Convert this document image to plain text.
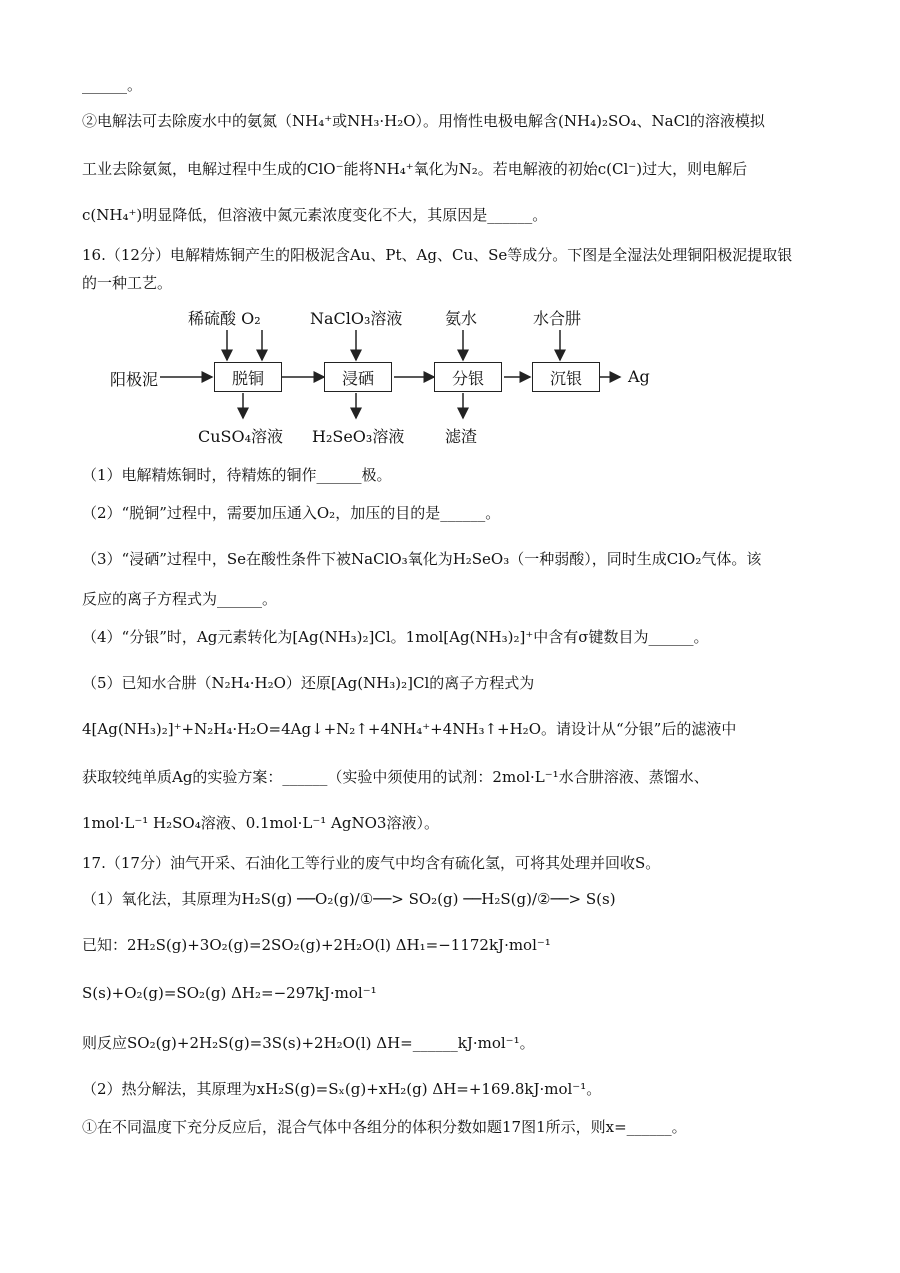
______。
②电解法可去除废水中的氨氮（NH₄⁺或NH₃·H₂O）。用惰性电极电解含(NH₄)₂SO₄、NaCl的溶液模拟
工业去除氨氮，电解过程中生成的ClO⁻能将NH₄⁺氧化为N₂。若电解液的初始c(Cl⁻)过大，则电解后
c(NH₄⁺)明显降低，但溶液中氮元素浓度变化不大，其原因是______。
16.（12分）电解精炼铜产生的阳极泥含Au、Pt、Ag、Cu、Se等成分。下图是全湿法处理铜阳极泥提取银
的一种工艺。
阳极泥	脱铜	浸硒	分银	沉银	Ag
稀硫酸 O₂	NaClO₃溶液	氨水	水合肼
CuSO₄溶液 H₂SeO₃溶液	滤渣
（1）电解精炼铜时，待精炼的铜作______极。
（2）“脱铜”过程中，需要加压通入O₂，加压的目的是______。
（3）“浸硒”过程中，Se在酸性条件下被NaClO₃氧化为H₂SeO₃（一种弱酸），同时生成ClO₂气体。该
反应的离子方程式为______。
（4）“分银”时，Ag元素转化为[Ag(NH₃)₂]Cl。1mol[Ag(NH₃)₂]⁺中含有σ键数目为______。
（5）已知水合肼（N₂H₄·H₂O）还原[Ag(NH₃)₂]Cl的离子方程式为
4[Ag(NH₃)₂]⁺+N₂H₄·H₂O=4Ag↓+N₂↑+4NH₄⁺+4NH₃↑+H₂O。请设计从“分银”后的滤液中
获取较纯单质Ag的实验方案：______（实验中须使用的试剂：2mol·L⁻¹水合肼溶液、蒸馏水、
1mol·L⁻¹ H₂SO₄溶液、0.1mol·L⁻¹ AgNO3溶液）。
17.（17分）油气开采、石油化工等行业的废气中均含有硫化氢，可将其处理并回收S。
（1）氧化法，其原理为H₂S(g) ──O₂(g)/①──> SO₂(g) ──H₂S(g)/②──> S(s)
已知：2H₂S(g)+3O₂(g)=2SO₂(g)+2H₂O(l) ΔH₁=−1172kJ·mol⁻¹
S(s)+O₂(g)=SO₂(g) ΔH₂=−297kJ·mol⁻¹
则反应SO₂(g)+2H₂S(g)=3S(s)+2H₂O(l) ΔH=______kJ·mol⁻¹。
（2）热分解法，其原理为xH₂S(g)=Sₓ(g)+xH₂(g) ΔH=+169.8kJ·mol⁻¹。
①在不同温度下充分反应后，混合气体中各组分的体积分数如题17图1所示，则x=______。
